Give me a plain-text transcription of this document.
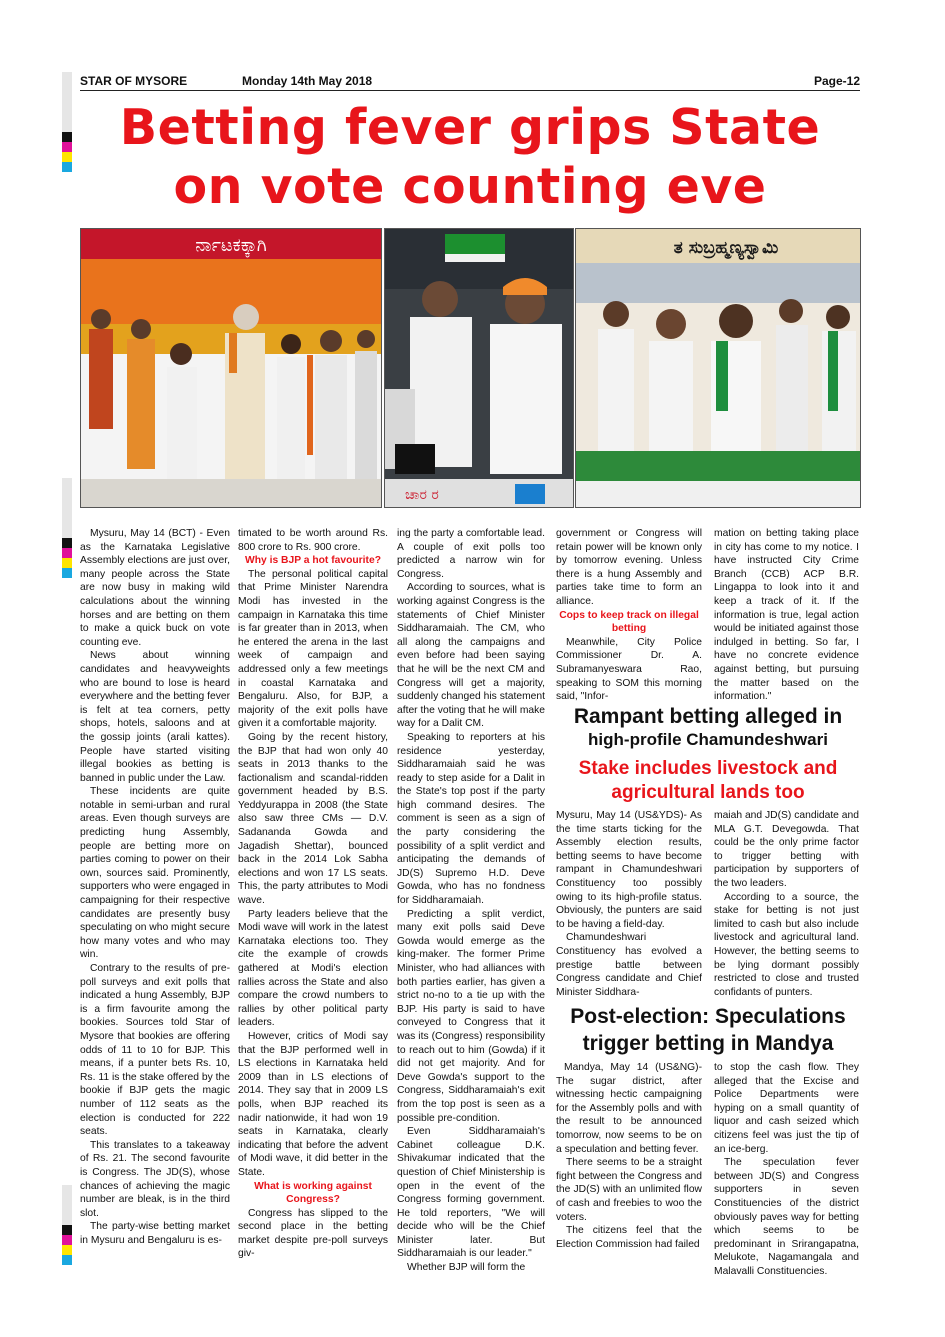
STAR OF MYSORE	Monday 14th May 2018	Page-12
Betting fever grips State
on vote counting eve
ರ್ನಾಟಕಕ್ಕಾಗಿ
ಚಾರ ರ
ತ ಸುಬ್ರಹ್ಮಣ್ಯಸ್ವಾಮಿ

Mysuru, May 14 (BCT) - Even as the Karnataka Legislative Assembly elections are just over, many people across the State are now busy in making wild calculations about the winning horses and are betting on them to make a quick buck on vote counting eve.

News about winning candidates and heavyweights who are bound to lose is heard everywhere and the betting fever is felt at tea corners, petty shops, hotels, saloons and at the gossip joints (arali kattes). People have started visiting illegal bookies as betting is banned in public under the Law.

These incidents are quite notable in semi-urban and rural areas. Even though surveys are predicting hung Assembly, people are betting more on parties coming to power on their own, sources said. Prominently, supporters who were engaged in campaigning for their respective candidates are presently busy speculating on who might secure how many votes and who may win.

Contrary to the results of pre-poll surveys and exit polls that indicated a hung Assembly, BJP is a firm favourite among the bookies. Sources told Star of Mysore that bookies are offering odds of 11 to 10 for BJP. This means, if a punter bets Rs. 10, Rs. 11 is the stake offered by the bookie if BJP gets the magic number of 112 seats as the election is conducted for 222 seats.

This translates to a takeaway of Rs. 21. The second favourite is Congress. The JD(S), whose chances of achieving the magic number are bleak, is in the third slot.

The party-wise betting market in Mysuru and Bengaluru is es-

timated to be worth around Rs. 800 crore to Rs. 900 crore.

Why is BJP a hot favourite?

The personal political capital that Prime Minister Narendra Modi has invested in the campaign in Karnataka this time is far greater than in 2013, when he entered the arena in the last week of campaign and addressed only a few meetings in coastal Karnataka and Bengaluru. Also, for BJP, a majority of the exit polls have given it a comfortable majority.

Going by the recent history, the BJP that had won only 40 seats in 2013 thanks to the factionalism and scandal-ridden government headed by B.S. Yeddyurappa in 2008 (the State also saw three CMs — D.V. Sadananda Gowda and Jagadish Shettar), bounced back in the 2014 Lok Sabha elections and won 17 LS seats. This, the party attributes to Modi wave.

Party leaders believe that the Modi wave will work in the latest Karnataka elections too. They cite the example of crowds gathered at Modi's election rallies across the State and also compare the crowd numbers to rallies by other political party leaders.

However, critics of Modi say that the BJP performed well in LS elections in Karnataka held 2009 than in LS elections of 2014. They say that in 2009 LS polls, when BJP reached its nadir nationwide, it had won 19 seats in Karnataka, clearly indicating that before the advent of Modi wave, it did better in the State.

What is working against Congress?

Congress has slipped to the second place in the betting market despite pre-poll surveys giv-

ing the party a comfortable lead. A couple of exit polls too predicted a narrow win for Congress.

According to sources, what is working against Congress is the statements of Chief Minister Siddharamaiah. The CM, who all along the campaigns and even before had been saying that he will be the next CM and Congress will get a majority, suddenly changed his statement after the voting that he will make way for a Dalit CM.

Speaking to reporters at his residence yesterday, Siddharamaiah said he was ready to step aside for a Dalit in the State's top post if the party high command desires. The comment is seen as a sign of the party considering the possibility of a split verdict and anticipating the demands of JD(S) Supremo H.D. Deve Gowda, who has no fondness for Siddharamaiah.

Predicting a split verdict, many exit polls said Deve Gowda would emerge as the king-maker. The former Prime Minister, who had alliances with both parties earlier, has given a strict no-no to a tie up with the BJP. His party is said to have conveyed to Congress that it was its (Congress) responsibility to reach out to him (Gowda) if it did not get majority. And for Deve Gowda's support to the Congress, Siddharamaiah's exit from the top post is seen as a possible pre-condition.

Even Siddharamaiah's Cabinet colleague D.K. Shivakumar indicated that the question of Chief Ministership is open in the event of the Congress forming government. He told reporters, "We will decide who will be the Chief Minister later. But Siddharamaiah is our leader."

Whether BJP will form the

government or Congress will retain power will be known only by tomorrow evening. Unless there is a hung Assembly and parties take time to form an alliance.

Cops to keep track on illegal betting

Meanwhile, City Police Commissioner Dr. A. Subramanyeswara Rao, speaking to SOM this morning said, "Infor-

mation on betting taking place in city has come to my notice. I have instructed City Crime Branch (CCB) ACP B.R. Lingappa to look into it and keep a track of it. If the information is true, legal action would be initiated against those indulged in betting. So far, I have no concrete evidence against betting, but pursuing the matter based on the information."

Rampant betting alleged in
high-profile Chamundeshwari
Stake includes livestock and
agricultural lands too

Mysuru, May 14 (US&YDS)- As the time starts ticking for the Assembly election results, betting seems to have become rampant in Chamundeshwari Constituency too possibly owing to its high-profile status. Obviously, the punters are said to be having a field-day.

Chamundeshwari Constituency has evolved a prestige battle between Congress candidate and Chief Minister Siddhara-

maiah and JD(S) candidate and MLA G.T. Devegowda. That could be the only prime factor to trigger betting with participation by supporters of the two leaders.

According to a source, the stake for betting is not just limited to cash but also include livestock and agricultural land. However, the betting seems to be lying dormant possibly restricted to close and trusted confidants of punters.

Post-election: Speculations
trigger betting in Mandya

Mandya, May 14 (US&NG)- The sugar district, after witnessing hectic campaigning for the Assembly polls and with the result to be announced tomorrow, now seems to be on a speculation and betting fever.

There seems to be a straight fight between the Congress and the JD(S) with an unlimited flow of cash and freebies to woo the voters.

The citizens feel that the Election Commission had failed

to stop the cash flow. They alleged that the Excise and Police Departments were hyping on a small quantity of liquor and cash seized which citizens feel was just the tip of an ice-berg.

The speculation fever between JD(S) and Congress supporters in seven Constituencies of the district obviously paves way for betting which seems to be predominant in Srirangapatna, Melukote, Nagamangala and Malavalli Constituencies.
